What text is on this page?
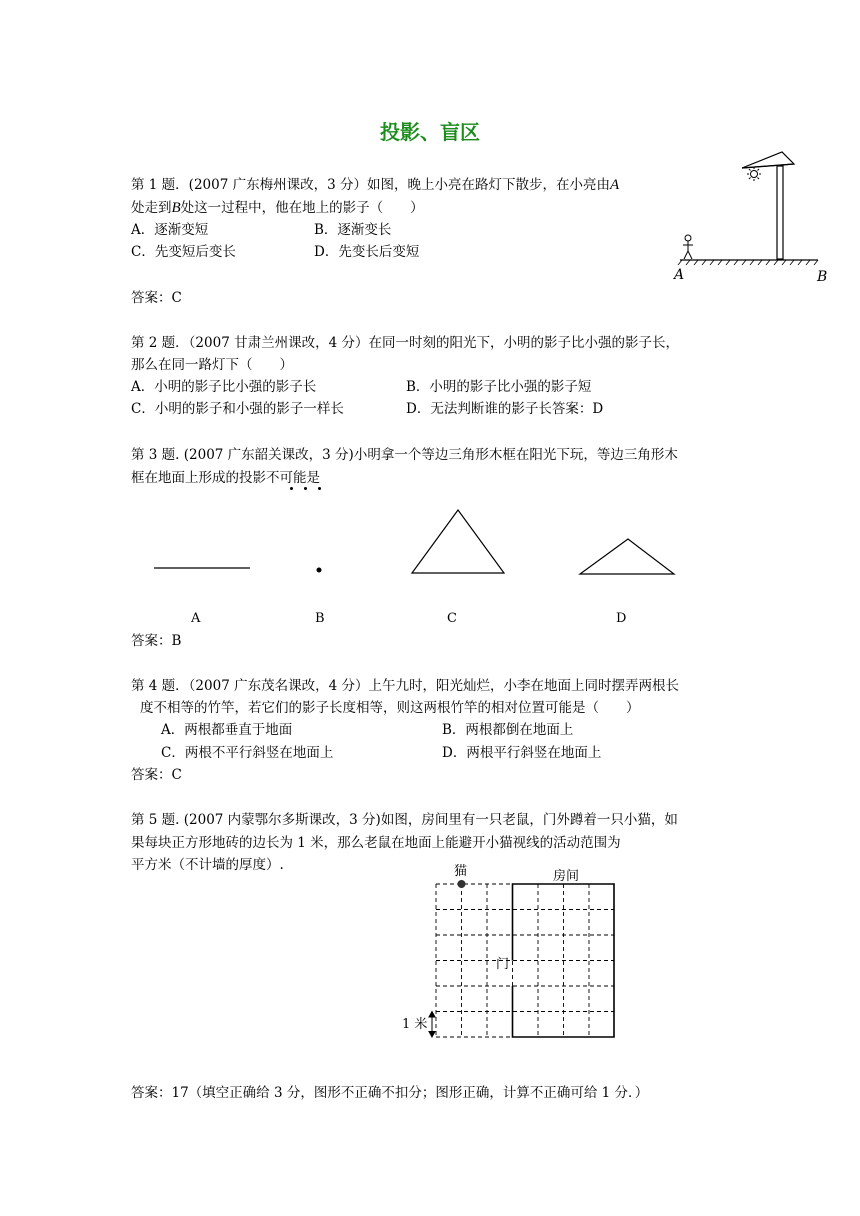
投影、盲区
第 1 题．(2007 广东梅州课改，3 分）如图，晚上小亮在路灯下散步，在小亮由A
处走到B处这一过程中，他在地上的影子（　　）
A．逐渐变短	B．逐渐变长
C．先变短后变长	D．先变长后变短
答案：C
A	B
第 2 题．（2007 甘肃兰州课改，4 分）在同一时刻的阳光下，小明的影子比小强的影子长，
那么在同一路灯下（　　）
A．小明的影子比小强的影子长	B．小明的影子比小强的影子短
C．小明的影子和小强的影子一样长	D．无法判断谁的影子长答案：D
第 3 题. (2007 广东韶关课改，3 分)小明拿一个等边三角形木框在阳光下玩，等边三角形木
框在地面上形成的投影不可能是
A	B	C	D
答案：B
第 4 题．（2007 广东茂名课改，4 分）上午九时，阳光灿烂，小李在地面上同时摆弄两根长
度不相等的竹竿，若它们的影子长度相等，则这两根竹竿的相对位置可能是（　　）
A．两根都垂直于地面	B．两根都倒在地面上
C．两根不平行斜竖在地面上	D．两根平行斜竖在地面上
答案：C
第 5 题. (2007 内蒙鄂尔多斯课改，3 分)如图，房间里有一只老鼠，门外蹲着一只小猫，如
果每块正方形地砖的边长为 1 米，那么老鼠在地面上能避开小猫视线的活动范围为
平方米（不计墙的厚度）.	猫	房间
门
1 米
答案：17（填空正确给 3 分，图形不正确不扣分；图形正确，计算不正确可给 1 分．）
